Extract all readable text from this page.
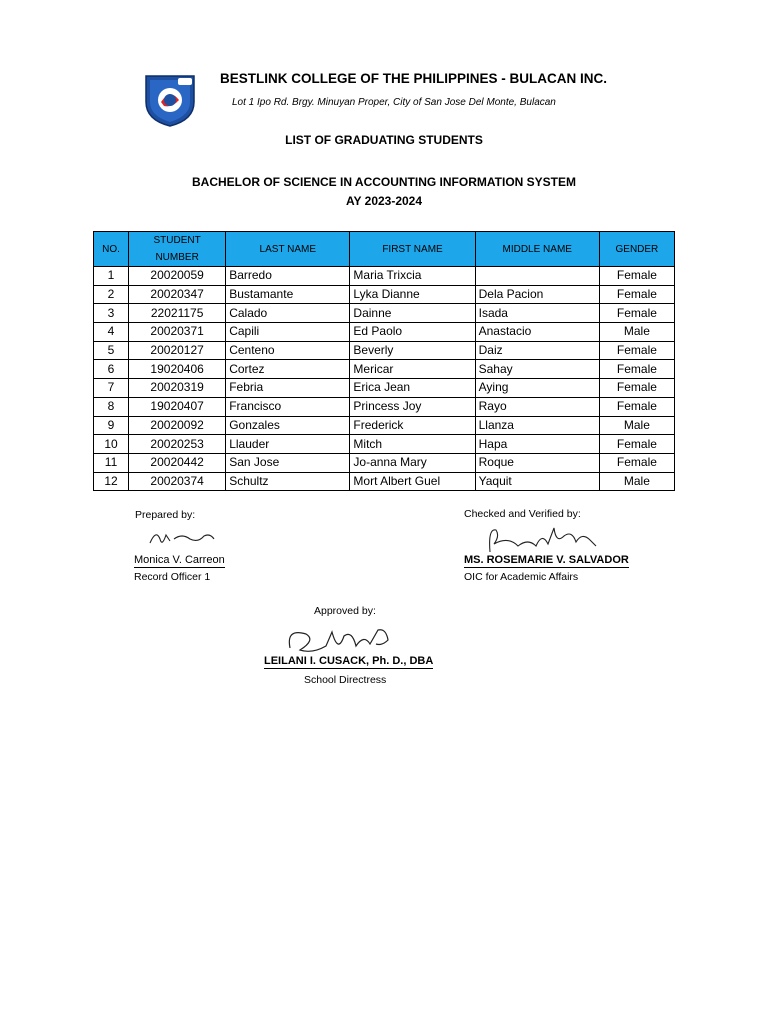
BESTLINK COLLEGE OF THE PHILIPPINES - BULACAN INC.
Lot 1 Ipo Rd. Brgy. Minuyan Proper, City of San Jose Del Monte, Bulacan
LIST OF GRADUATING STUDENTS
BACHELOR OF SCIENCE IN ACCOUNTING INFORMATION SYSTEM
AY 2023-2024
NO.	STUDENT NUMBER	LAST NAME	FIRST NAME	MIDDLE NAME	GENDER
1	20020059	Barredo	Maria Trixcia		Female
2	20020347	Bustamante	Lyka Dianne	Dela Pacion	Female
3	22021175	Calado	Dainne	Isada	Female
4	20020371	Capili	Ed Paolo	Anastacio	Male
5	20020127	Centeno	Beverly	Daiz	Female
6	19020406	Cortez	Mericar	Sahay	Female
7	20020319	Febria	Erica Jean	Aying	Female
8	19020407	Francisco	Princess Joy	Rayo	Female
9	20020092	Gonzales	Frederick	Llanza	Male
10	20020253	Llauder	Mitch	Hapa	Female
11	20020442	San Jose	Jo-anna Mary	Roque	Female
12	20020374	Schultz	Mort Albert Guel	Yaquit	Male
Prepared by:
Monica V. Carreon
Record Officer 1
Checked and Verified by:
MS. ROSEMARIE V. SALVADOR
OIC for Academic Affairs
Approved by:
LEILANI I. CUSACK, Ph. D., DBA
School Directress
